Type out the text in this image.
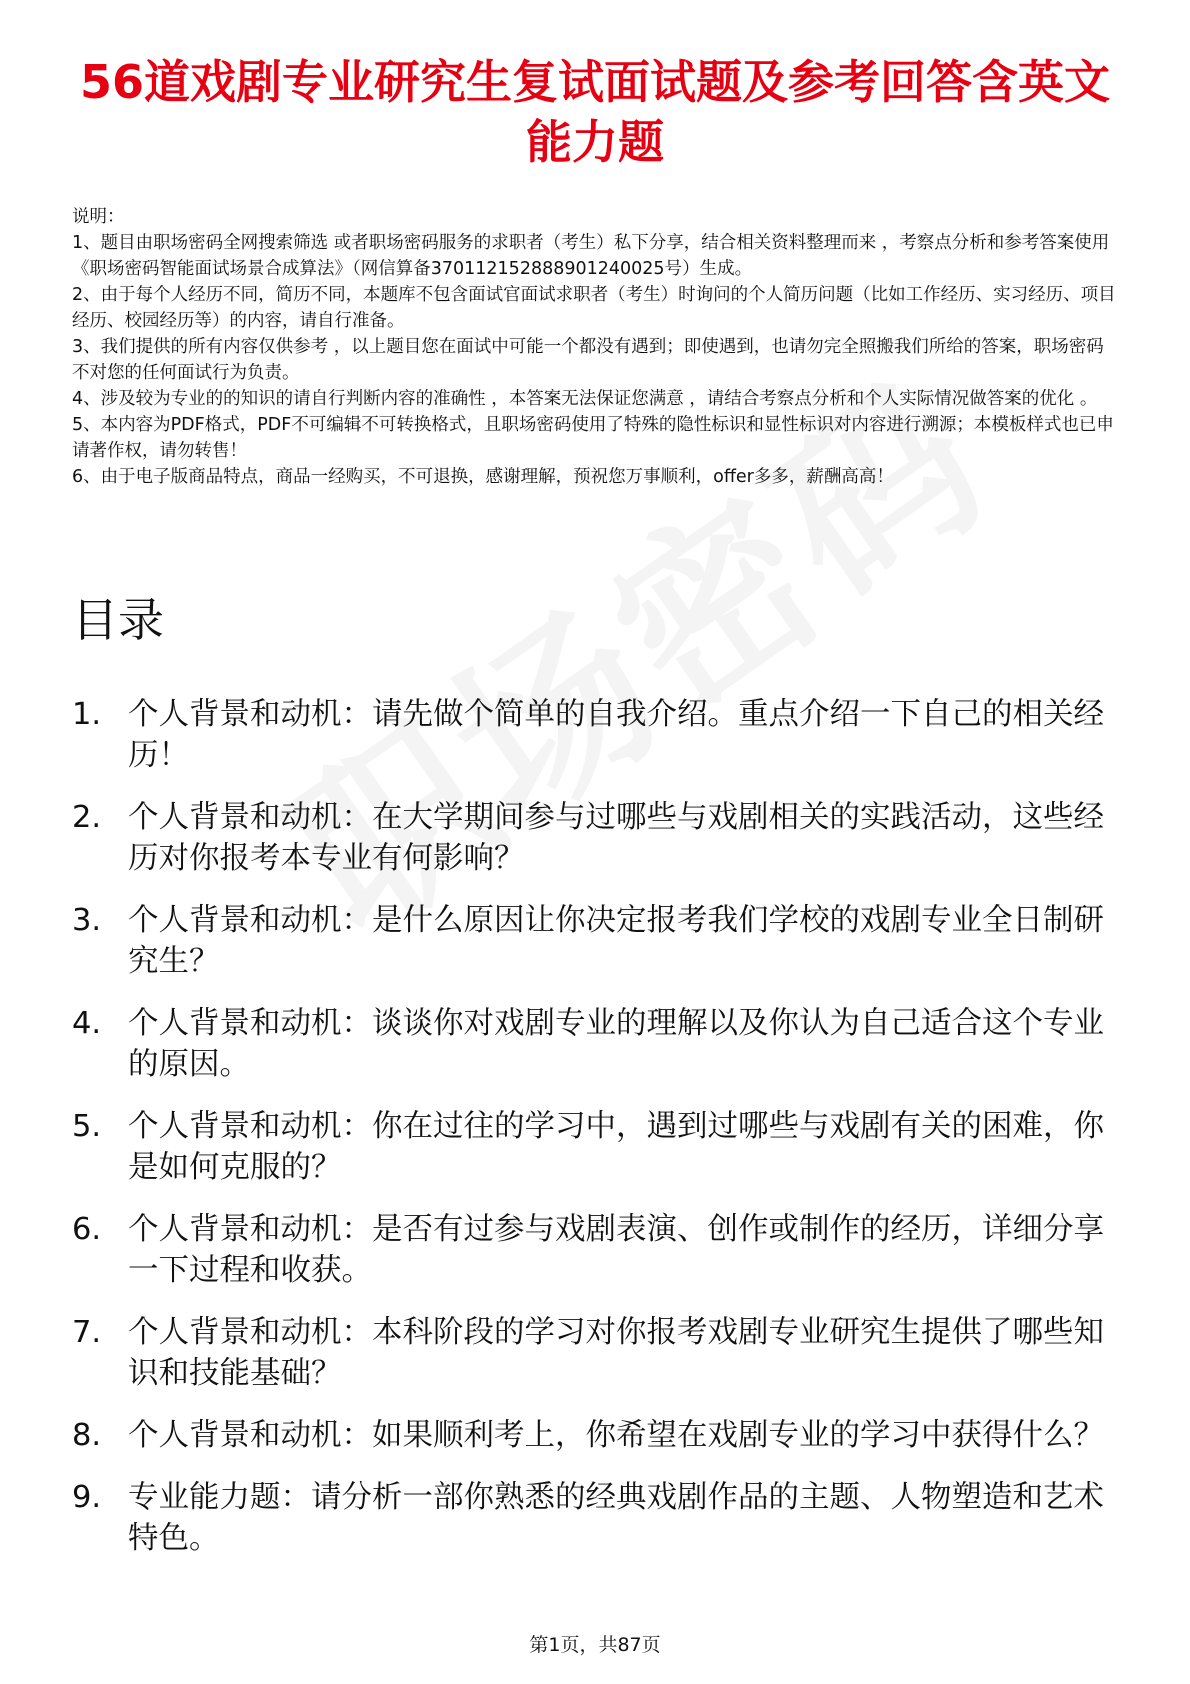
56道戏剧专业研究生复试面试题及参考回答含英文能力题
说明：
1、题目由职场密码全网搜索筛选 或者职场密码服务的求职者（考生）私下分享，结合相关资料整理而来 ，考察点分析和参考答案使用《职场密码智能面试场景合成算法》（网信算备370112152888901240025号）生成。
2、由于每个人经历不同，简历不同，本题库不包含面试官面试求职者（考生）时询问的个人简历问题（比如工作经历、实习经历、项目经历、校园经历等）的内容，请自行准备。
3、我们提供的所有内容仅供参考 ，以上题目您在面试中可能一个都没有遇到；即使遇到，也请勿完全照搬我们所给的答案，职场密码不对您的任何面试行为负责。
4、涉及较为专业的的知识的请自行判断内容的准确性 ，本答案无法保证您满意 ，请结合考察点分析和个人实际情况做答案的优化 。
5、本内容为PDF格式，PDF不可编辑不可转换格式，且职场密码使用了特殊的隐性标识和显性标识对内容进行溯源；本模板样式也已申请著作权，请勿转售！
6、由于电子版商品特点，商品一经购买，不可退换，感谢理解，预祝您万事顺利，offer多多，薪酬高高！
目录
1. 个人背景和动机：请先做个简单的自我介绍。重点介绍一下自己的相关经历！
2. 个人背景和动机：在大学期间参与过哪些与戏剧相关的实践活动，这些经历对你报考本专业有何影响？
3. 个人背景和动机：是什么原因让你决定报考我们学校的戏剧专业全日制研究生？
4. 个人背景和动机：谈谈你对戏剧专业的理解以及你认为自己适合这个专业的原因。
5. 个人背景和动机：你在过往的学习中，遇到过哪些与戏剧有关的困难，你是如何克服的？
6. 个人背景和动机：是否有过参与戏剧表演、创作或制作的经历，详细分享一下过程和收获。
7. 个人背景和动机：本科阶段的学习对你报考戏剧专业研究生提供了哪些知识和技能基础？
8. 个人背景和动机：如果顺利考上，你希望在戏剧专业的学习中获得什么？
9. 专业能力题：请分析一部你熟悉的经典戏剧作品的主题、人物塑造和艺术特色。
第1页，共87页
